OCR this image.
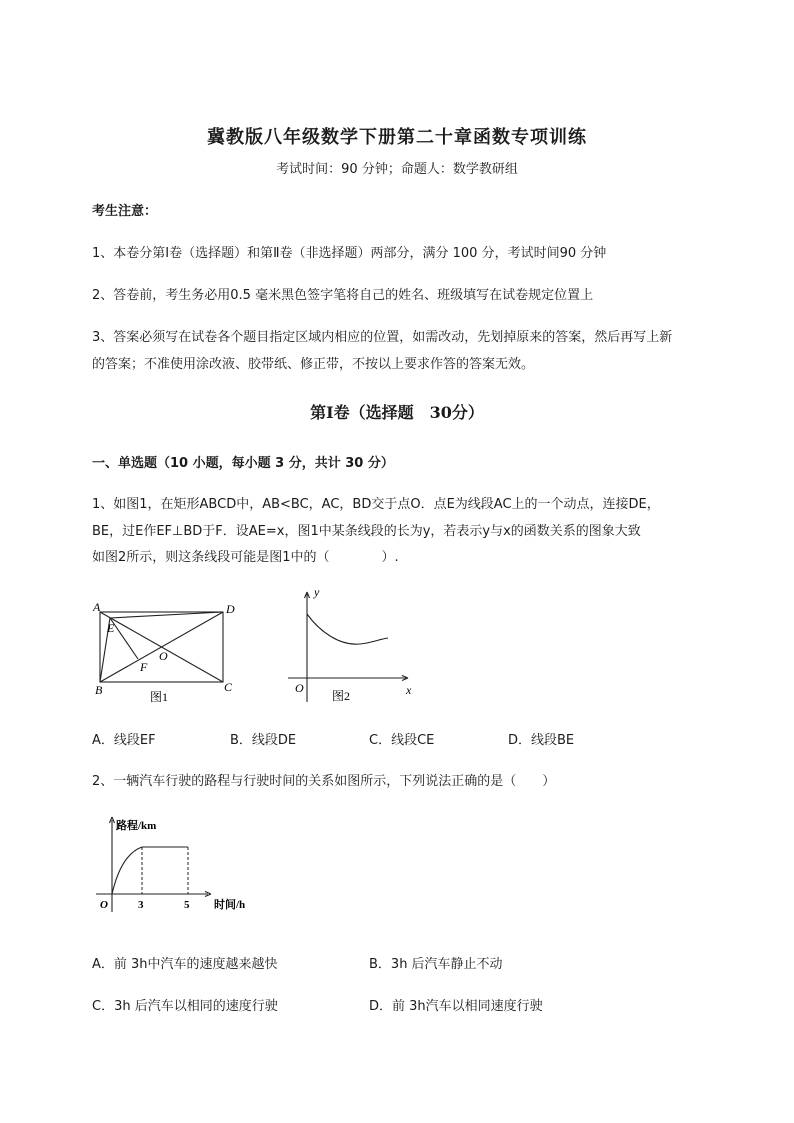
冀教版八年级数学下册第二十章函数专项训练
考试时间：90 分钟；命题人：数学教研组
考生注意：
1、本卷分第Ⅰ卷（选择题）和第Ⅱ卷（非选择题）两部分，满分 100 分，考试时间90 分钟
2、答卷前，考生务必用0.5 毫米黑色签字笔将自己的姓名、班级填写在试卷规定位置上
3、答案必须写在试卷各个题目指定区域内相应的位置，如需改动，先划掉原来的答案，然后再写上新
的答案；不准使用涂改液、胶带纸、修正带，不按以上要求作答的答案无效。
第Ⅰ卷（选择题　30分）
一、单选题（10 小题，每小题 3 分，共计 30 分）
1、如图1，在矩形ABCD中，AB<BC，AC，BD交于点O．点E为线段AC上的一个动点，连接DE，
BE，过E作EF⊥BD于F．设AE=x，图1中某条线段的长为y，若表示y与x的函数关系的图象大致
如图2所示，则这条线段可能是图1中的（　　　　）.
A	D
E
O
F
B	C
图1
y
x
O
图2
A．线段EF	B．线段DE	C．线段CE	D．线段BE
2、一辆汽车行驶的路程与行驶时间的关系如图所示，下列说法正确的是（　　）
路程/km
时间/h
O	3	5
A．前 3h中汽车的速度越来越快	B．3h 后汽车静止不动
C．3h 后汽车以相同的速度行驶	D．前 3h汽车以相同速度行驶
